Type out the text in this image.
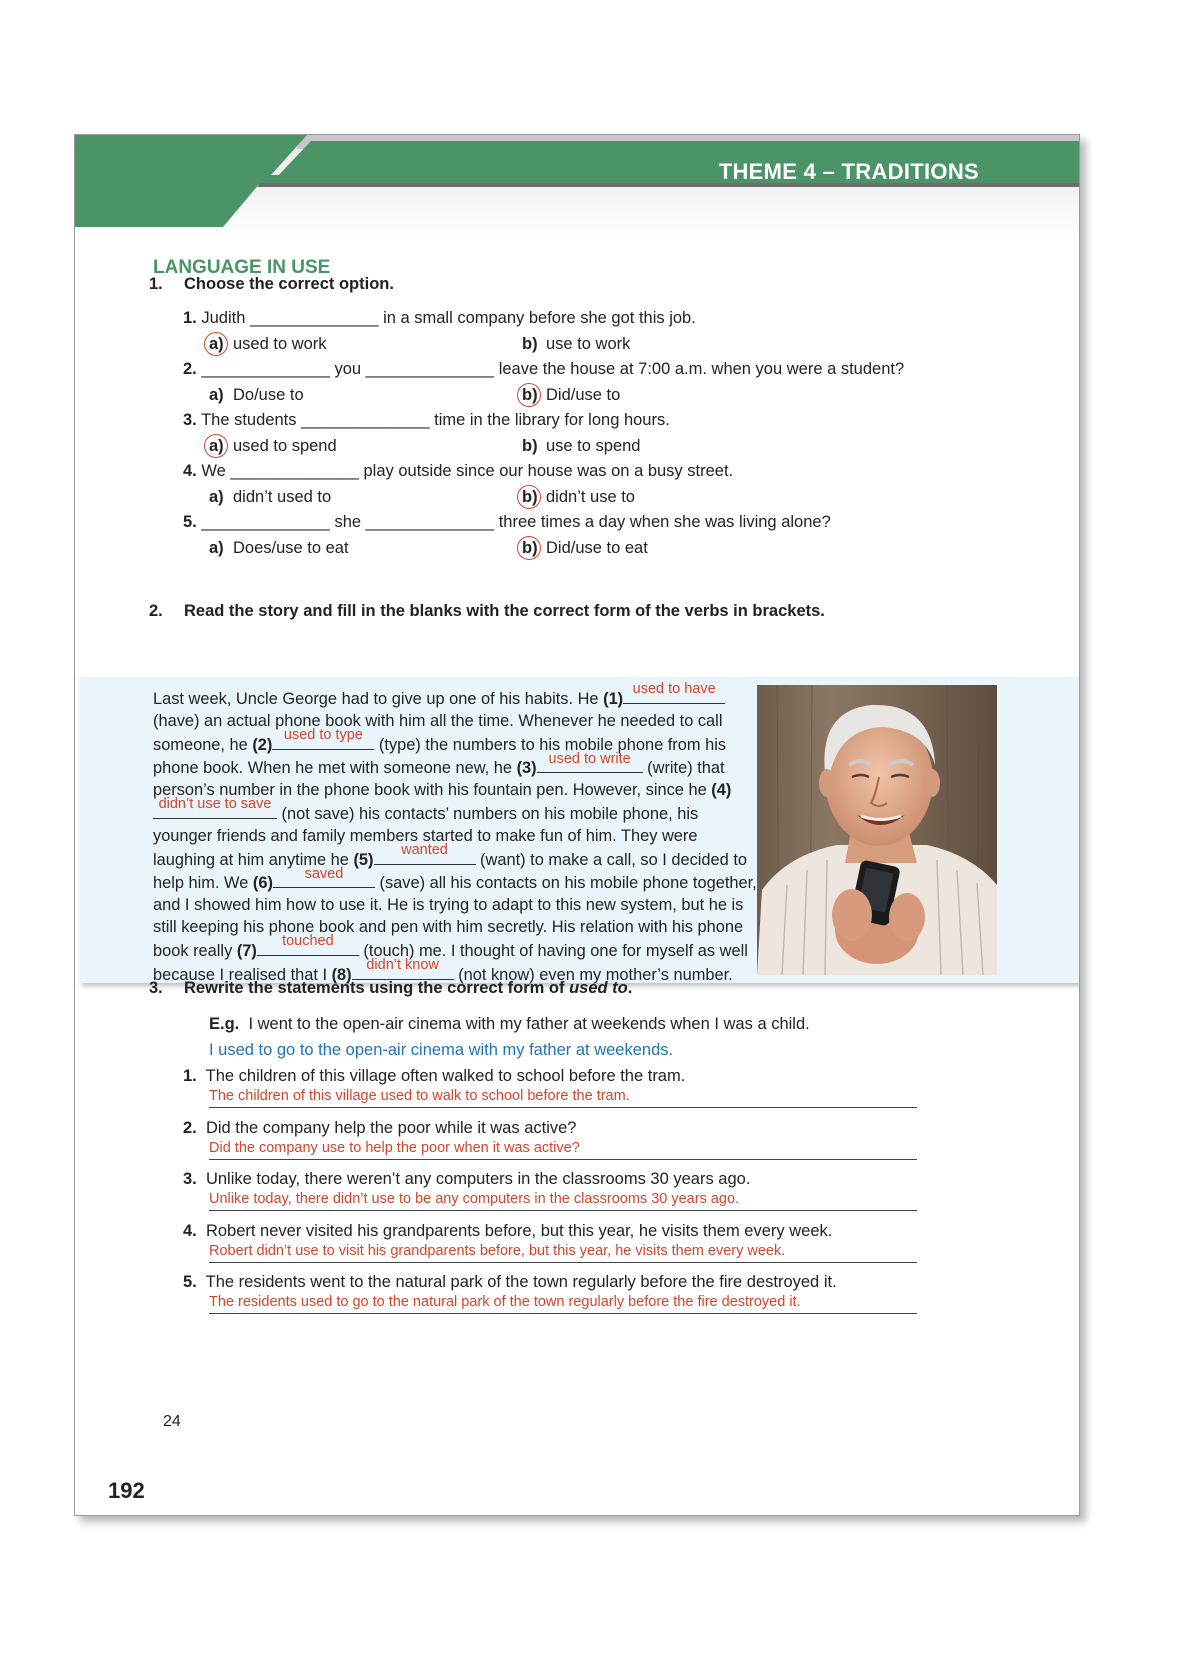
THEME 4 – TRADITIONS
LANGUAGE IN USE
1. Choose the correct option.
1. Judith ______________ in a small company before she got this job.
a) used to work	b) use to work
2. ______________ you ______________ leave the house at 7:00 a.m. when you were a student?
a) Do/use to	b) Did/use to
3. The students ______________ time in the library for long hours.
a) used to spend	b) use to spend
4. We ______________ play outside since our house was on a busy street.
a) didn’t used to	b) didn’t use to
5. ______________ she ______________ three times a day when she was living alone?
a) Does/use to eat	b) Did/use to eat
2. Read the story and fill in the blanks with the correct form of the verbs in brackets.
Last week, Uncle George had to give up one of his habits. He (1)
used to have
(have) an actual phone book with him all the time. Whenever he needed to call someone, he (2)
used to type
(type) the numbers to his mobile phone from his phone book. When he met with someone new, he (3)
used to write
(write) that person’s number in the phone book with his fountain pen. However, since he (4)
didn’t use to save
(not save) his contacts’ numbers on his mobile phone, his younger friends and family members started to make fun of him. They were laughing at him anytime he (5)
wanted
(want) to make a call, so I decided to help him. We (6)
saved
(save) all his contacts on his mobile phone together, and I showed him how to use it. He is trying to adapt to this new system, but he is still keeping his phone book and pen with him secretly. His relation with his phone book really (7)
touched
(touch) me. I thought of having one for myself as well because I realised that I (8)
didn’t know
(not know) even my mother’s number.
3. Rewrite the statements using the correct form of used to.
E.g. I went to the open-air cinema with my father at weekends when I was a child.
I used to go to the open-air cinema with my father at weekends.
1. The children of this village often walked to school before the tram.
The children of this village used to walk to school before the tram.
2. Did the company help the poor while it was active?
Did the company use to help the poor when it was active?
3. Unlike today, there weren’t any computers in the classrooms 30 years ago.
Unlike today, there didn’t use to be any computers in the classrooms 30 years ago.
4. Robert never visited his grandparents before, but this year, he visits them every week.
Robert didn’t use to visit his grandparents before, but this year, he visits them every week.
5. The residents went to the natural park of the town regularly before the fire destroyed it.
The residents used to go to the natural park of the town regularly before the fire destroyed it.
24
192
